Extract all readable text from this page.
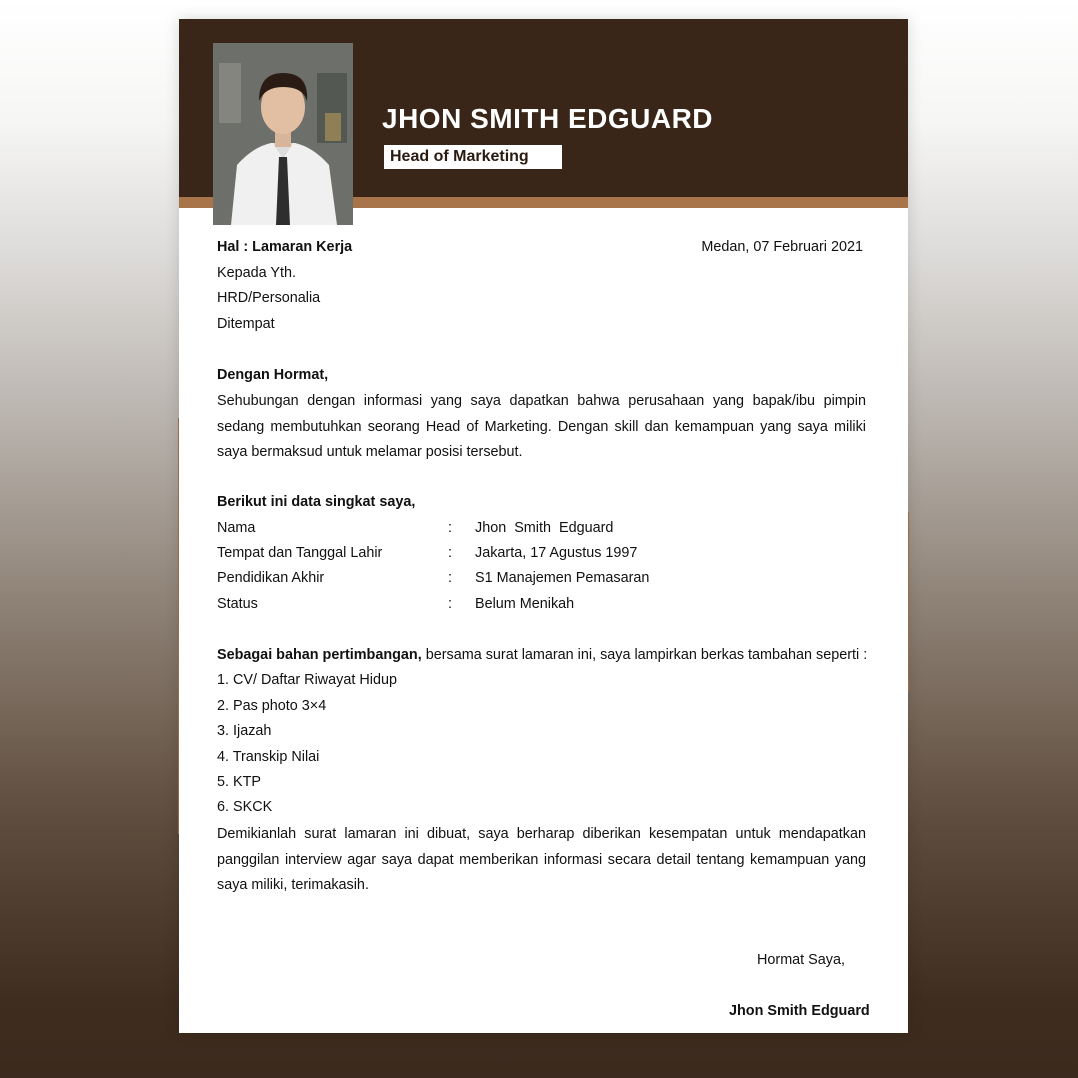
JHON SMITH EDGUARD
Head of Marketing
Hal : Lamaran Kerja	Medan, 07 Februari 2021
Kepada Yth.
HRD/Personalia
Ditempat
Dengan Hormat,
Sehubungan dengan informasi yang saya dapatkan bahwa perusahaan yang bapak/ibu pimpin sedang membutuhkan seorang Head of Marketing. Dengan skill dan kemampuan yang saya miliki saya bermaksud untuk melamar posisi tersebut.
Berikut ini data singkat saya,
Nama	: Jhon  Smith  Edguard
Tempat dan Tanggal Lahir	: Jakarta, 17 Agustus 1997
Pendidikan Akhir	: S1 Manajemen Pemasaran
Status	: Belum Menikah
Sebagai bahan pertimbangan, bersama surat lamaran ini, saya lampirkan berkas tambahan seperti :
1. CV/ Daftar Riwayat Hidup
2. Pas photo 3×4
3. Ijazah
4. Transkip Nilai
5. KTP
6. SKCK
Demikianlah surat lamaran ini dibuat, saya berharap diberikan kesempatan untuk mendapatkan panggilan interview agar saya dapat memberikan informasi secara detail tentang kemampuan yang saya miliki, terimakasih.
Hormat Saya,
Jhon Smith Edguard
